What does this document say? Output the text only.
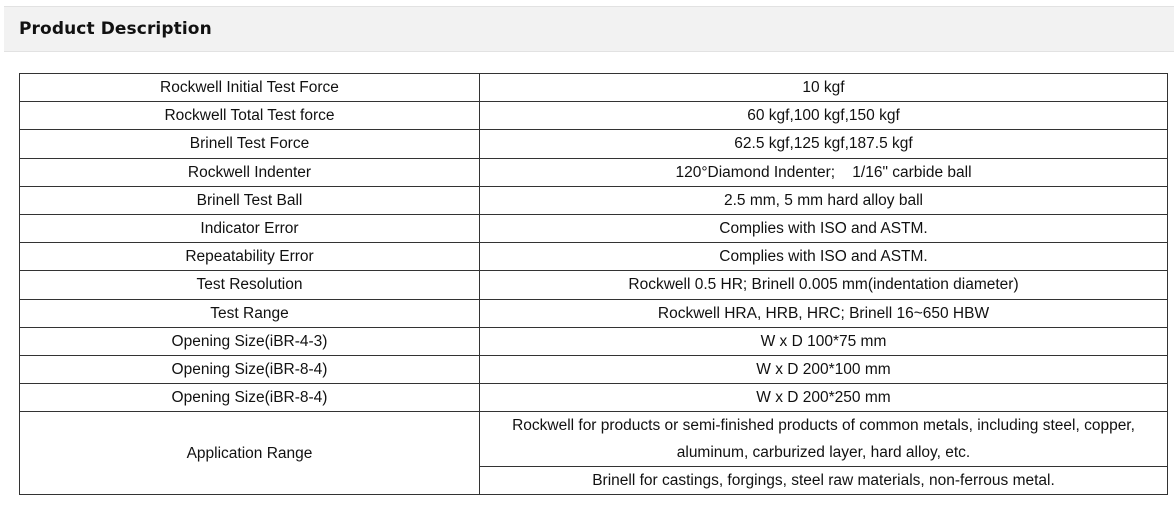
Product Description
Rockwell Initial Test Force	10 kgf
Rockwell Total Test force	60 kgf,100 kgf,150 kgf
Brinell Test Force	62.5 kgf,125 kgf,187.5 kgf
Rockwell Indenter	120°Diamond Indenter;    1/16" carbide ball
Brinell Test Ball	2.5 mm, 5 mm hard alloy ball
Indicator Error	Complies with ISO and ASTM.
Repeatability Error	Complies with ISO and ASTM.
Test Resolution	Rockwell 0.5 HR; Brinell 0.005 mm(indentation diameter)
Test Range	Rockwell HRA, HRB, HRC; Brinell 16~650 HBW
Opening Size(iBR-4-3)	W x D 100*75 mm
Opening Size(iBR-8-4)	W x D 200*100 mm
Opening Size(iBR-8-4)	W x D 200*250 mm
Application Range	Rockwell for products or semi-finished products of common metals, including steel, copper,
aluminum, carburized layer, hard alloy, etc.

	Brinell for castings, forgings, steel raw materials, non-ferrous metal.
